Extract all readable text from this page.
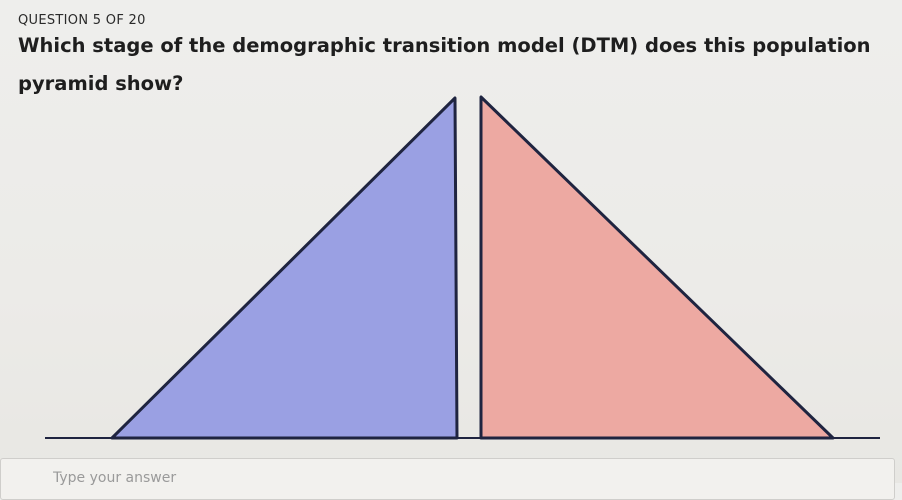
QUESTION 5 OF 20
Which stage of the demographic transition model (DTM) does this population pyramid show?
Type your answer
